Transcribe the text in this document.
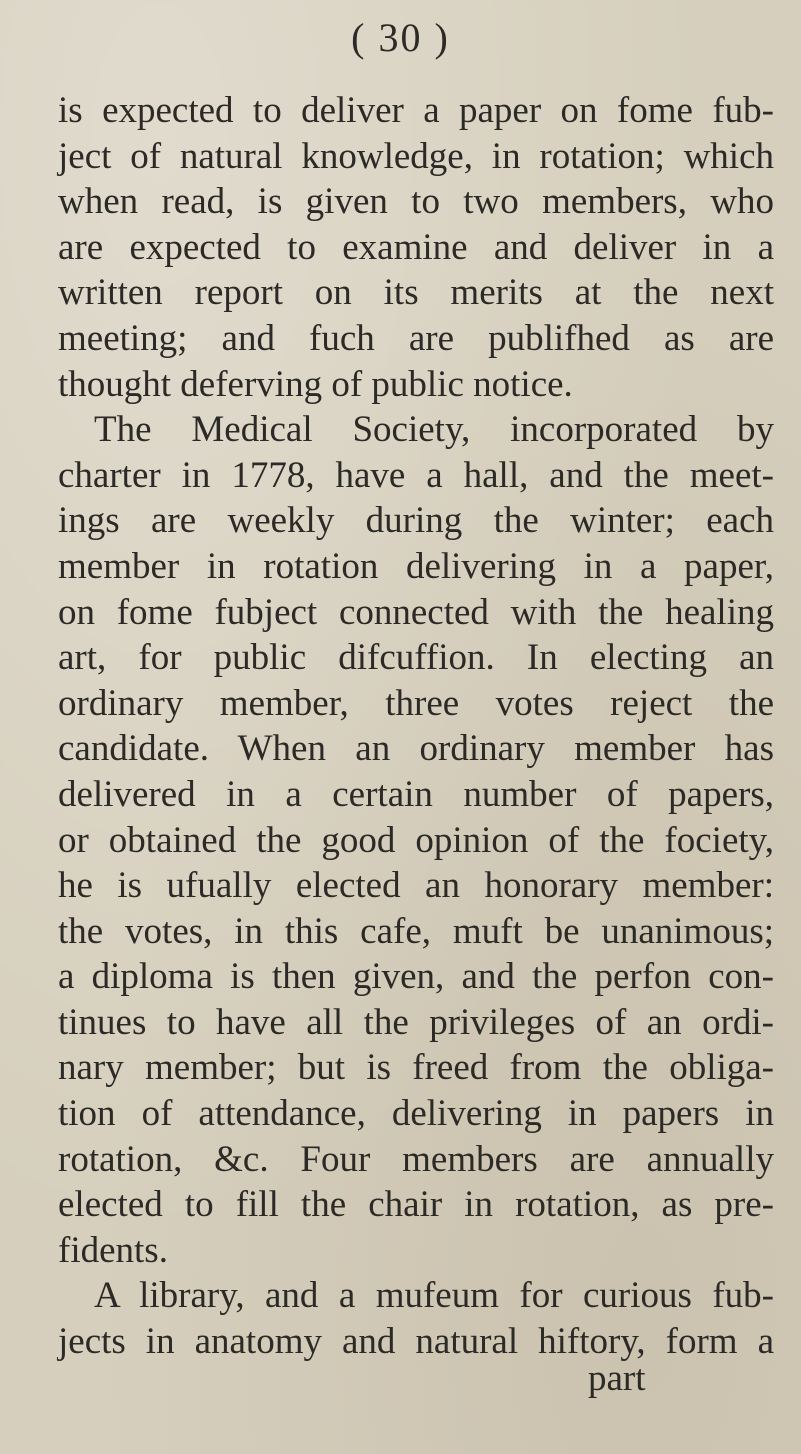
( 30 )
is expected to deliver a paper on fome fub-
ject of natural knowledge, in rotation; which
when read, is given to two members, who
are expected to examine and deliver in a
written report on its merits at the next
meeting; and fuch are publifhed as are
thought deferving of public notice.
The Medical Society, incorporated by
charter in 1778, have a hall, and the meet-
ings are weekly during the winter; each
member in rotation delivering in a paper,
on fome fubject connected with the healing
art, for public difcuffion. In electing an
ordinary member, three votes reject the
candidate. When an ordinary member has
delivered in a certain number of papers,
or obtained the good opinion of the fociety,
he is ufually elected an honorary member:
the votes, in this cafe, muft be unanimous;
a diploma is then given, and the perfon con-
tinues to have all the privileges of an ordi-
nary member; but is freed from the obliga-
tion of attendance, delivering in papers in
rotation, &c. Four members are annually
elected to fill the chair in rotation, as pre-
fidents.
A library, and a mufeum for curious fub-
jects in anatomy and natural hiftory, form a
part
